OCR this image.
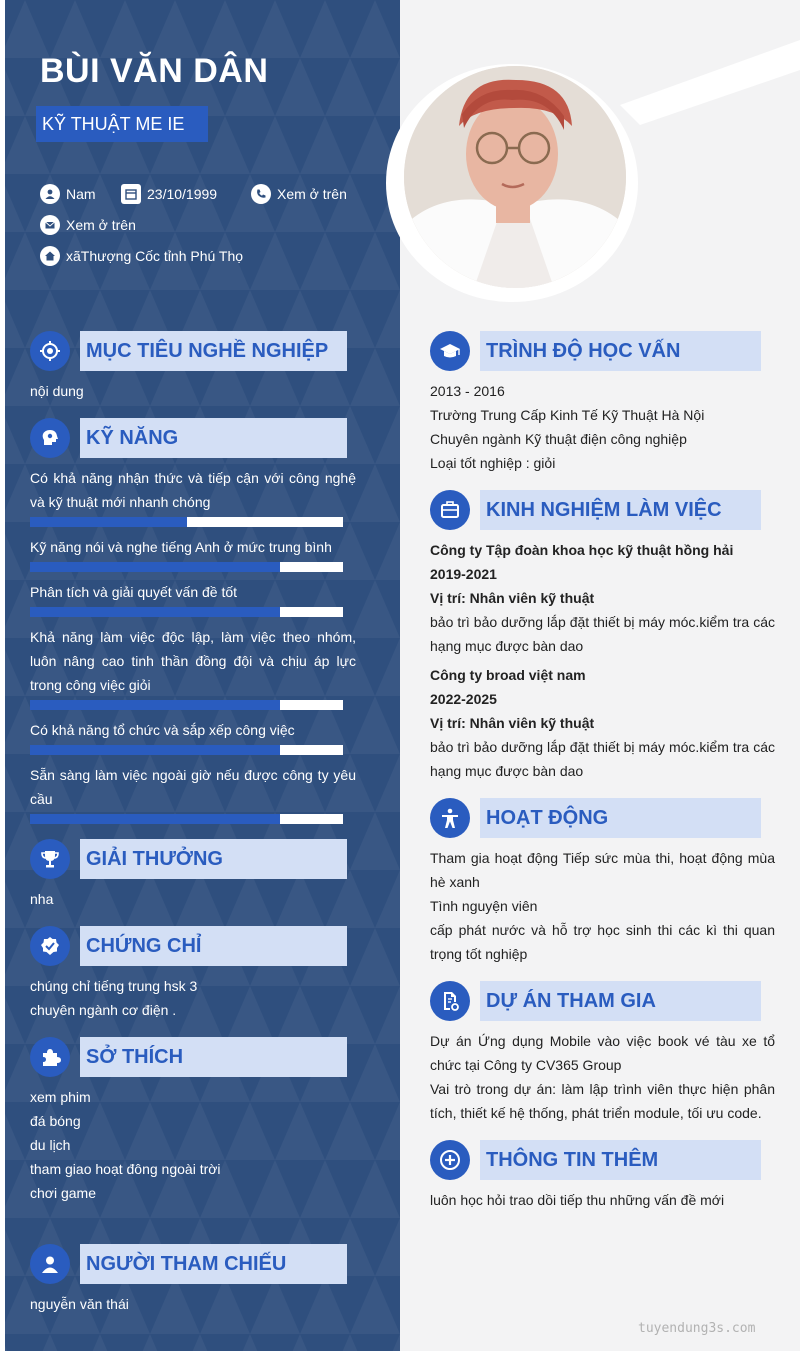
BÙI VĂN DÂN
KỸ THUẬT ME IE
Nam	23/10/1999	Xem ở trên
Xem ở trên
xãThượng Cốc tỉnh Phú Thọ
MỤC TIÊU NGHỀ NGHIỆP
nội dung
KỸ NĂNG
Có khả năng nhận thức và tiếp cận với công nghệ và kỹ thuật mới nhanh chóng
Kỹ năng nói và nghe tiếng Anh ở mức trung bình
Phân tích và giải quyết vấn đề tốt
Khả năng làm việc độc lập, làm việc theo nhóm, luôn nâng cao tinh thần đồng đội và chịu áp lực trong công việc giỏi
Có khả năng tổ chức và sắp xếp công việc
Sẵn sàng làm việc ngoài giờ nếu được công ty yêu cầu
GIẢI THƯỞNG
nha
CHỨNG CHỈ
chúng chỉ tiếng trung hsk 3
chuyên ngành cơ điện .
SỞ THÍCH
xem phim
đá bóng
du lịch
tham giao hoạt đông ngoài trời
chơi game
NGƯỜI THAM CHIẾU
nguyễn văn thái
TRÌNH ĐỘ HỌC VẤN
2013 - 2016
Trường Trung Cấp Kinh Tế Kỹ Thuật Hà Nội
Chuyên ngành Kỹ thuật điện công nghiệp
Loại tốt nghiệp : giỏi
KINH NGHIỆM LÀM VIỆC
Công ty Tập đoàn khoa học kỹ thuật hồng hải
2019-2021
Vị trí: Nhân viên kỹ thuật
bảo trì bảo dưỡng lắp đặt thiết bị máy móc.kiểm tra các hạng mục được bàn dao
Công ty broad việt nam
2022-2025
Vị trí: Nhân viên kỹ thuật
bảo trì bảo dưỡng lắp đặt thiết bị máy móc.kiểm tra các hạng mục được bàn dao
HOẠT ĐỘNG
Tham gia hoạt động Tiếp sức mùa thi, hoạt động mùa hè xanh
Tình nguyện viên
cấp phát nước và hỗ trợ học sinh thi các kì thi quan trọng tốt nghiệp
DỰ ÁN THAM GIA
Dự án Ứng dụng Mobile vào việc book vé tàu xe tổ chức tại Công ty CV365 Group
Vai trò trong dự án: làm lập trình viên thực hiện phân tích, thiết kế hệ thống, phát triển module, tối ưu code.
THÔNG TIN THÊM
luôn học hỏi trao dồi tiếp thu những vấn đề mới
tuyendung3s.com
